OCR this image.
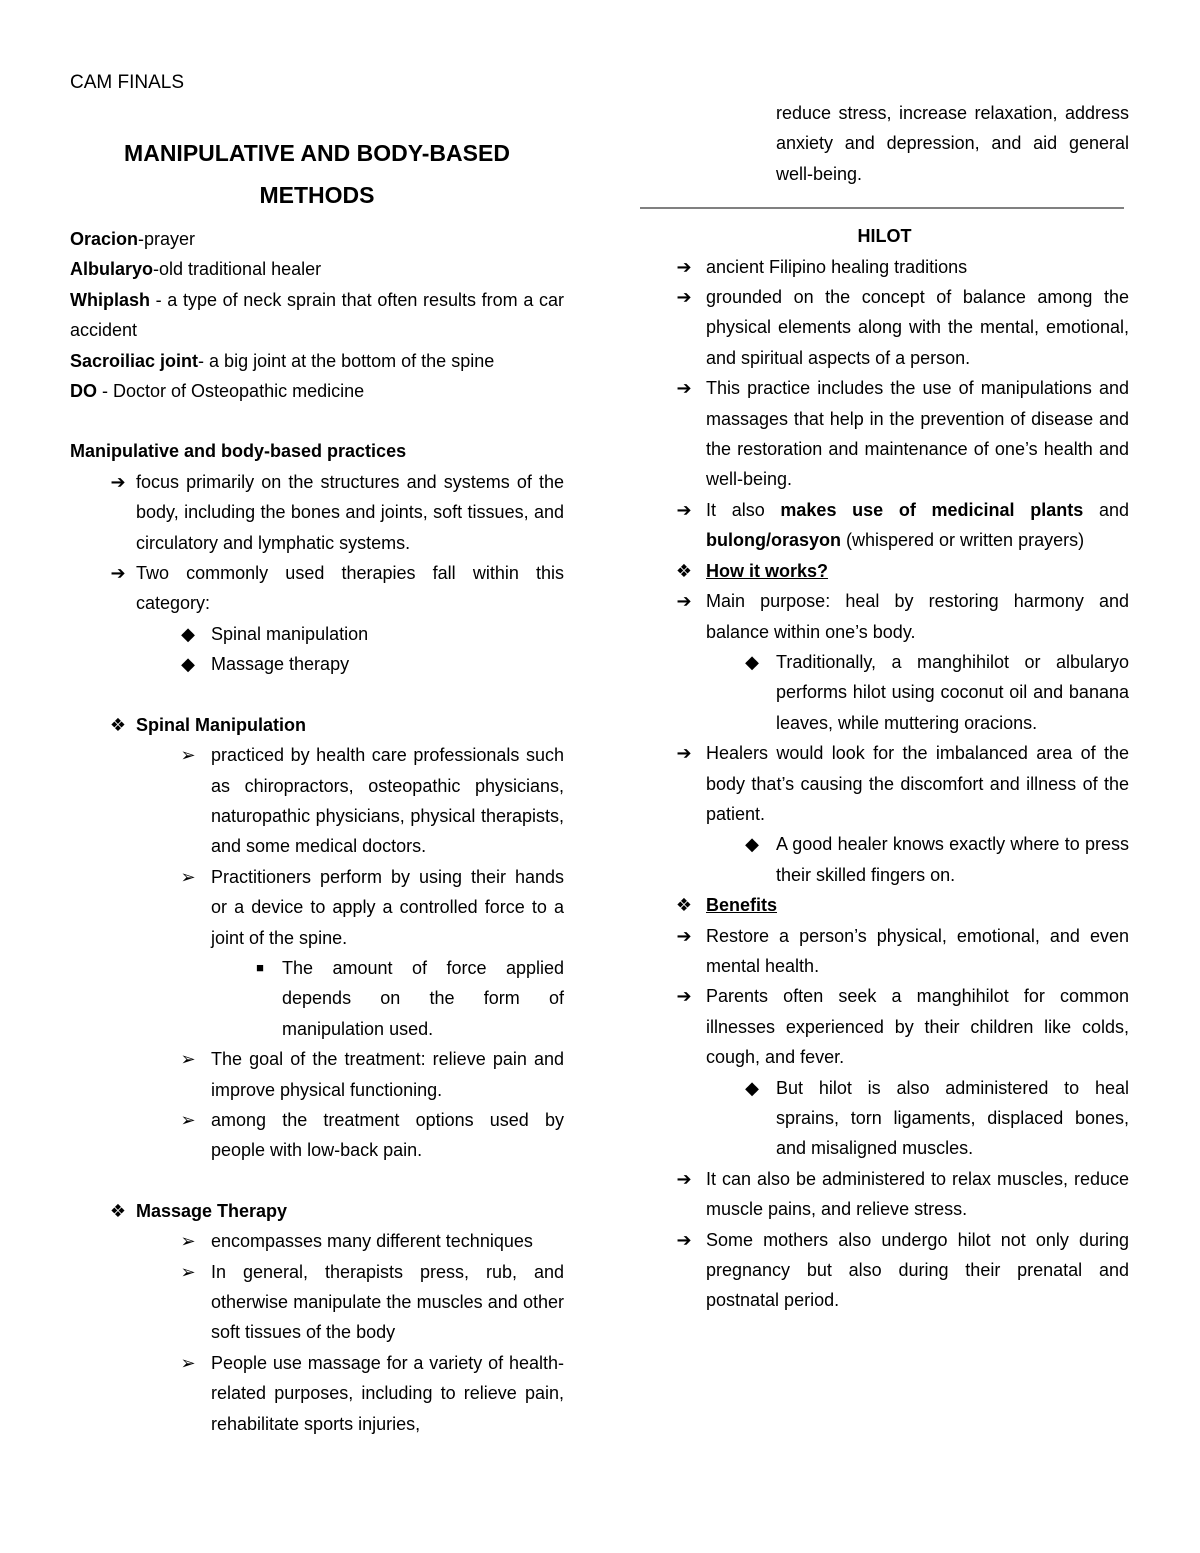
CAM FINALS
MANIPULATIVE AND BODY-BASED METHODS
Oracion-prayer
Albularyo-old traditional healer
Whiplash - a type of neck sprain that often results from a car accident
Sacroiliac joint- a big joint at the bottom of the spine
DO - Doctor of Osteopathic medicine
Manipulative and body-based practices
➔ focus primarily on the structures and systems of the body, including the bones and joints, soft tissues, and circulatory and lymphatic systems.
➔ Two commonly used therapies fall within this category:
◆ Spinal manipulation
◆ Massage therapy
❖ Spinal Manipulation
➢ practiced by health care professionals such as chiropractors, osteopathic physicians, naturopathic physicians, physical therapists, and some medical doctors.
➢ Practitioners perform by using their hands or a device to apply a controlled force to a joint of the spine.
■	The amount of force applied depends on the form of manipulation used.
➢ The goal of the treatment: relieve pain and improve physical functioning.
➢ among the treatment options used by people with low-back pain.
❖ Massage Therapy
➢ encompasses many different techniques
➢ In general, therapists press, rub, and otherwise manipulate the muscles and other soft tissues of the body
➢ People use massage for a variety of health-related purposes, including to relieve pain, rehabilitate sports injuries,
reduce stress, increase relaxation, address anxiety and depression, and aid general well-being.
HILOT
➔ ancient Filipino healing traditions
➔ grounded on the concept of balance among the physical elements along with the mental, emotional, and spiritual aspects of a person.
➔ This practice includes the use of manipulations and massages that help in the prevention of disease and the restoration and maintenance of one’s health and well-being.
➔ It also makes use of medicinal plants and bulong/orasyon (whispered or written prayers)
❖ How it works?
➔ Main purpose: heal by restoring harmony and balance within one’s body.
◆ Traditionally, a manghihilot or albularyo performs hilot using coconut oil and banana leaves, while muttering oracions.
➔ Healers would look for the imbalanced area of the body that’s causing the discomfort and illness of the patient.
◆ A good healer knows exactly where to press their skilled fingers on.
❖ Benefits
➔ Restore a person’s physical, emotional, and even mental health.
➔ Parents often seek a manghihilot for common illnesses experienced by their children like colds, cough, and fever.
◆ But hilot is also administered to heal sprains, torn ligaments, displaced bones, and misaligned muscles.
➔ It can also be administered to relax muscles, reduce muscle pains, and relieve stress.
➔ Some mothers also undergo hilot not only during pregnancy but also during their prenatal and postnatal period.
